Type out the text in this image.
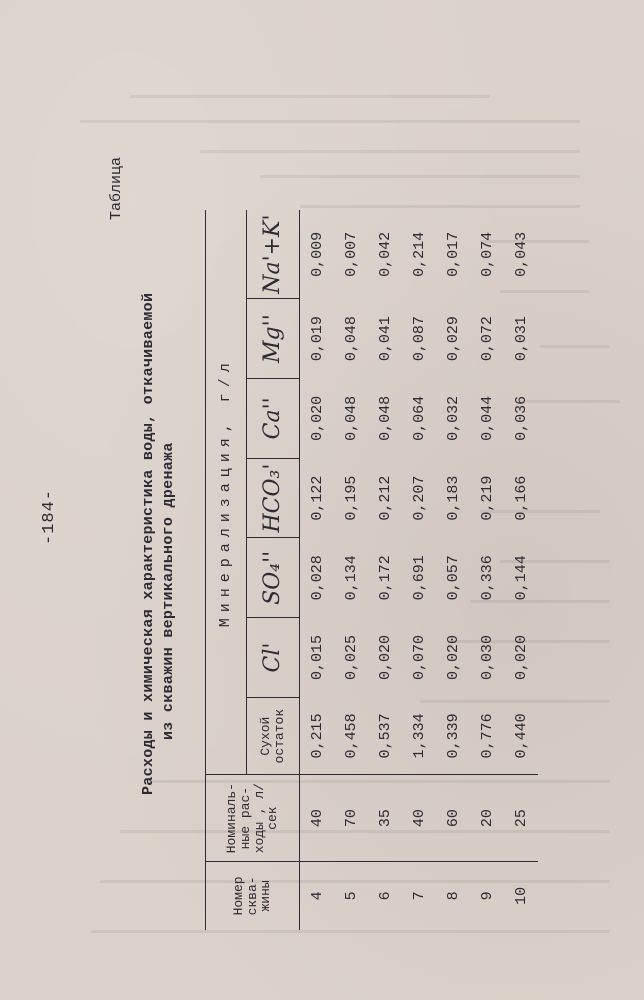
-184-
Таблица
Расходы и химическая характеристика воды, откачиваемой из скважин вертикального дренажа
Номер сква- жины	Номиналь- ные рас- ходы , л/сек	Минерализация, г/л						
		Сухой остаток	Cl'	SO₄''	HCO₃'	Ca''	Mg''	Na'+K'
4	40	0,215	0,015	0,028	0,122	0,020	0,019	0,009
5	70	0,458	0,025	0,134	0,195	0,048	0,048	0,007
6	35	0,537	0,020	0,172	0,212	0,048	0,041	0,042
7	40	1,334	0,070	0,691	0,207	0,064	0,087	0,214
8	60	0,339	0,020	0,057	0,183	0,032	0,029	0,017
9	20	0,776	0,030	0,336	0,219	0,044	0,072	0,074
10	25	0,440	0,020	0,144	0,166	0,036	0,031	0,043
